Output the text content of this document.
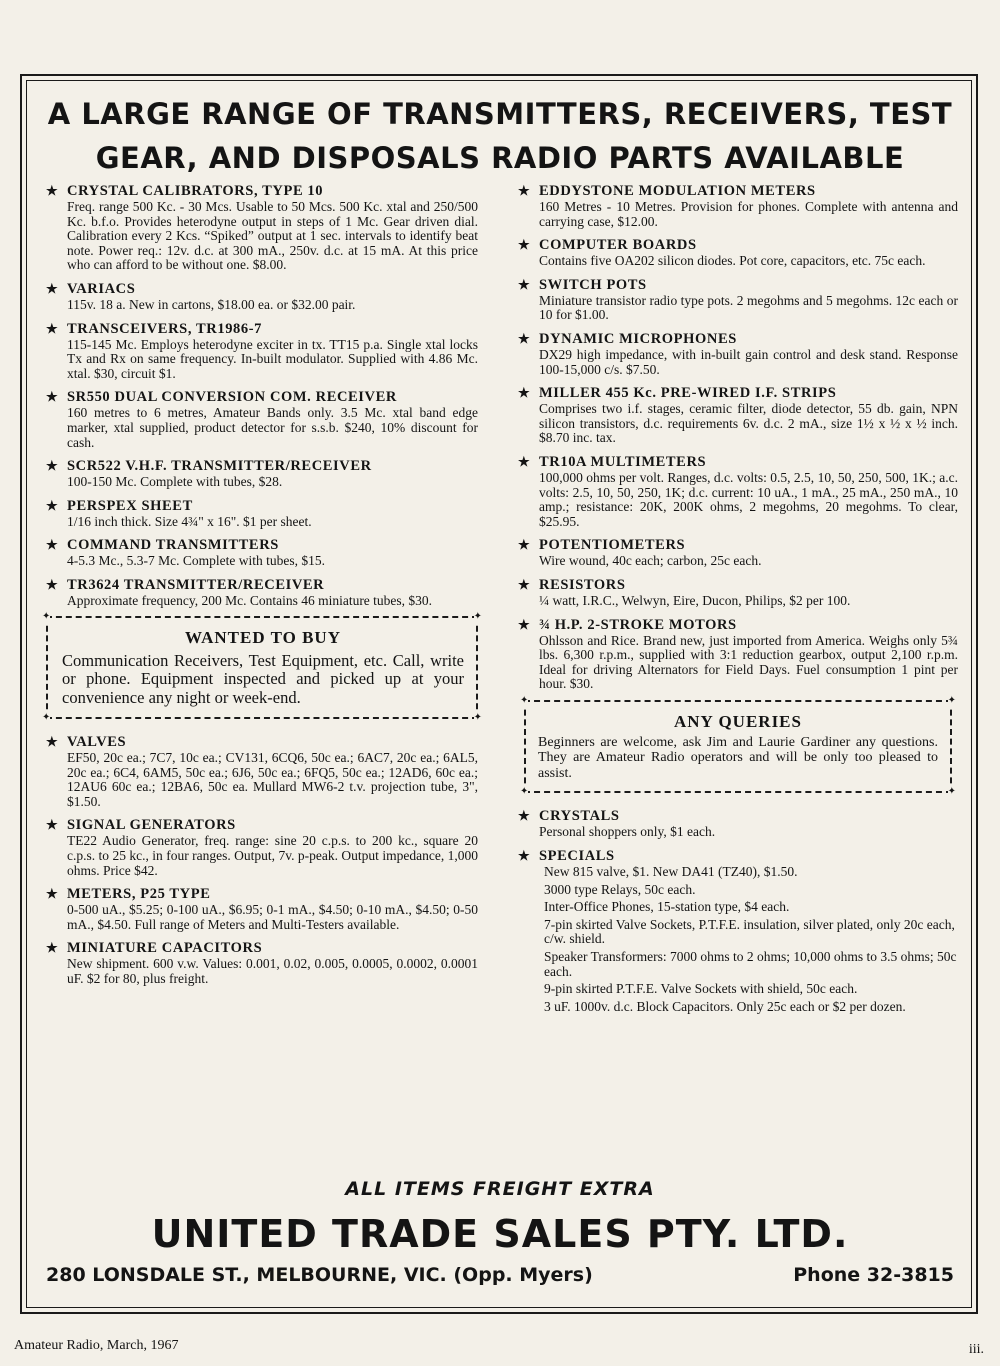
A LARGE RANGE OF TRANSMITTERS, RECEIVERS, TEST GEAR, AND DISPOSALS RADIO PARTS AVAILABLE
★ CRYSTAL CALIBRATORS, TYPE 10
Freq. range 500 Kc. - 30 Mcs. Usable to 50 Mcs. 500 Kc. xtal and 250/500 Kc. b.f.o. Provides heterodyne output in steps of 1 Mc. Gear driven dial. Calibration every 2 Kcs. “Spiked” output at 1 sec. intervals to identify beat note. Power req.: 12v. d.c. at 300 mA., 250v. d.c. at 15 mA. At this price who can afford to be without one. $8.00.
★ VARIACS
115v. 18 a. New in cartons, $18.00 ea. or $32.00 pair.
★ TRANSCEIVERS, TR1986-7
115-145 Mc. Employs heterodyne exciter in tx. TT15 p.a. Single xtal locks Tx and Rx on same frequency. In-built modulator. Supplied with 4.86 Mc. xtal. $30, circuit $1.
★ SR550 DUAL CONVERSION COM. RECEIVER
160 metres to 6 metres, Amateur Bands only. 3.5 Mc. xtal band edge marker, xtal supplied, product detector for s.s.b. $240, 10% discount for cash.
★ SCR522 V.H.F. TRANSMITTER/RECEIVER
100-150 Mc. Complete with tubes, $28.
★ PERSPEX SHEET
1/16 inch thick. Size 4¾" x 16". $1 per sheet.
★ COMMAND TRANSMITTERS
4-5.3 Mc., 5.3-7 Mc. Complete with tubes, $15.
★ TR3624 TRANSMITTER/RECEIVER
Approximate frequency, 200 Mc. Contains 46 miniature tubes, $30.
✦	✦
✦	✦
WANTED TO BUY
Communication Receivers, Test Equipment, etc. Call, write or phone. Equipment inspected and picked up at your convenience any night or week-end.
★ VALVES
EF50, 20c ea.; 7C7, 10c ea.; CV131, 6CQ6, 50c ea.; 6AC7, 20c ea.; 6AL5, 20c ea.; 6C4, 6AM5, 50c ea.; 6J6, 50c ea.; 6FQ5, 50c ea.; 12AD6, 60c ea.; 12AU6 60c ea.; 12BA6, 50c ea. Mullard MW6-2 t.v. projection tube, 3", $1.50.
★ SIGNAL GENERATORS
TE22 Audio Generator, freq. range: sine 20 c.p.s. to 200 kc., square 20 c.p.s. to 25 kc., in four ranges. Output, 7v. p-peak. Output impedance, 1,000 ohms. Price $42.
★ METERS, P25 TYPE
0-500 uA., $5.25; 0-100 uA., $6.95; 0-1 mA., $4.50; 0-10 mA., $4.50; 0-50 mA., $4.50. Full range of Meters and Multi-Testers available.
★ MINIATURE CAPACITORS
New shipment. 600 v.w. Values: 0.001, 0.02, 0.005, 0.0005, 0.0002, 0.0001 uF. $2 for 80, plus freight.
★ EDDYSTONE MODULATION METERS
160 Metres - 10 Metres. Provision for phones. Complete with antenna and carrying case, $12.00.
★ COMPUTER BOARDS
Contains five OA202 silicon diodes. Pot core, capacitors, etc. 75c each.
★ SWITCH POTS
Miniature transistor radio type pots. 2 megohms and 5 megohms. 12c each or 10 for $1.00.
★ DYNAMIC MICROPHONES
DX29 high impedance, with in-built gain control and desk stand. Response 100-15,000 c/s. $7.50.
★ MILLER 455 Kc. PRE-WIRED I.F. STRIPS
Comprises two i.f. stages, ceramic filter, diode detector, 55 db. gain, NPN silicon transistors, d.c. requirements 6v. d.c. 2 mA., size 1½ x ½ x ½ inch. $8.70 inc. tax.
★ TR10A MULTIMETERS
100,000 ohms per volt. Ranges, d.c. volts: 0.5, 2.5, 10, 50, 250, 500, 1K.; a.c. volts: 2.5, 10, 50, 250, 1K; d.c. current: 10 uA., 1 mA., 25 mA., 250 mA., 10 amp.; resistance: 20K, 200K ohms, 2 megohms, 20 megohms. To clear, $25.95.
★ POTENTIOMETERS
Wire wound, 40c each; carbon, 25c each.
★ RESISTORS
¼ watt, I.R.C., Welwyn, Eire, Ducon, Philips, $2 per 100.
★ ¾ H.P. 2-STROKE MOTORS
Ohlsson and Rice. Brand new, just imported from America. Weighs only 5¾ lbs. 6,300 r.p.m., supplied with 3:1 reduction gearbox, output 2,100 r.p.m. Ideal for driving Alternators for Field Days. Fuel consumption 1 pint per hour. $30.
✦	✦
✦	✦
ANY QUERIES
Beginners are welcome, ask Jim and Laurie Gardiner any questions. They are Amateur Radio operators and will be only too pleased to assist.
★ CRYSTALS
Personal shoppers only, $1 each.
★ SPECIALS
New 815 valve, $1. New DA41 (TZ40), $1.50.
3000 type Relays, 50c each.
Inter-Office Phones, 15-station type, $4 each.
7-pin skirted Valve Sockets, P.T.F.E. insulation, silver plated, only 20c each, c/w. shield.
Speaker Transformers: 7000 ohms to 2 ohms; 10,000 ohms to 3.5 ohms; 50c each.
9-pin skirted P.T.F.E. Valve Sockets with shield, 50c each.
3 uF. 1000v. d.c. Block Capacitors. Only 25c each or $2 per dozen.
ALL ITEMS FREIGHT EXTRA
UNITED TRADE SALES PTY. LTD.
280 LONSDALE ST., MELBOURNE, VIC. (Opp. Myers)	Phone 32-3815
Amateur Radio, March, 1967	iii.
